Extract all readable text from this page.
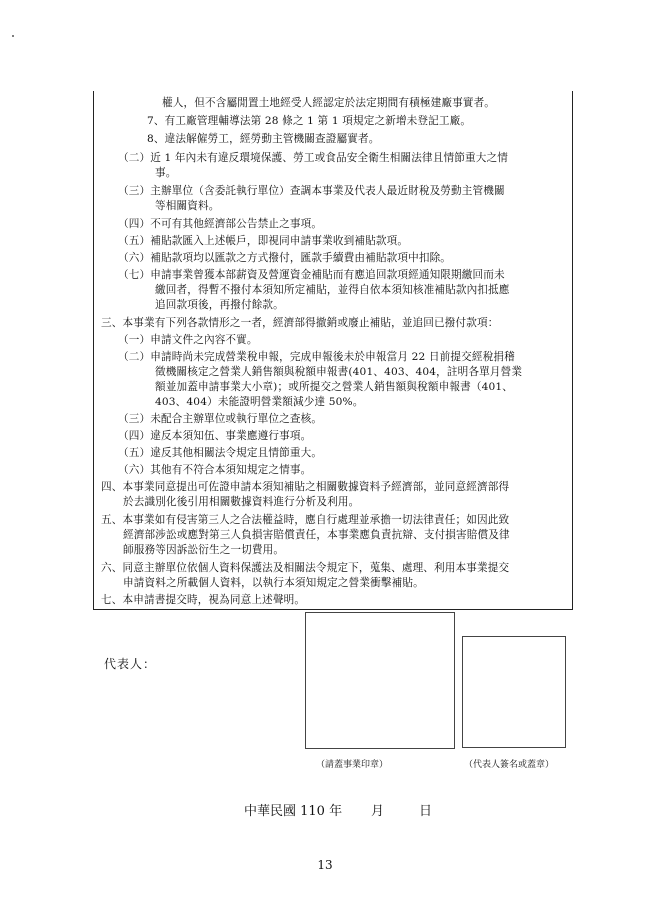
權人，但不含屬閒置土地經受人經認定於法定期間有積極建廠事實者。
7、有工廠管理輔導法第 28 條之 1 第 1 項規定之新增未登記工廠。
8、違法解僱勞工，經勞動主管機關查證屬實者。
（二）近 1 年內未有違反環境保護、勞工或食品安全衛生相關法律且情節重大之情
事。
（三）主辦單位（含委託執行單位）查調本事業及代表人最近財稅及勞動主管機關
等相關資料。
（四）不可有其他經濟部公告禁止之事項。
（五）補貼款匯入上述帳戶，即視同申請事業收到補貼款項。
（六）補貼款項均以匯款之方式撥付，匯款手續費由補貼款項中扣除。
（七）申請事業曾獲本部薪資及營運資金補貼而有應追回款項經通知限期繳回而未
繳回者，得暫不撥付本須知所定補貼，並得自依本須知核准補貼款內扣抵應
追回款項後，再撥付餘款。
三、本事業有下列各款情形之一者，經濟部得撤銷或廢止補貼，並追回已撥付款項：
（一）申請文件之內容不實。
（二）申請時尚未完成營業稅申報，完成申報後未於申報當月 22 日前提交經稅捐稽
徵機關核定之營業人銷售額與稅額申報書(401、403、404，註明各單月營業
額並加蓋申請事業大小章)；或所提交之營業人銷售額與稅額申報書（401、
403、404）未能證明營業額減少達 50%。
（三）未配合主辦單位或執行單位之查核。
（四）違反本須知伍、事業應遵行事項。
（五）違反其他相關法令規定且情節重大。
（六）其他有不符合本須知規定之情事。
四、本事業同意提出可佐證申請本須知補貼之相關數據資料予經濟部，並同意經濟部得
於去識別化後引用相關數據資料進行分析及利用。
五、本事業如有侵害第三人之合法權益時，應自行處理並承擔一切法律責任；如因此致
經濟部涉訟或應對第三人負損害賠償責任，本事業應負責抗辯、支付損害賠償及律
師服務等因訴訟衍生之一切費用。
六、同意主辦單位依個人資料保護法及相關法令規定下，蒐集、處理、利用本事業提交
申請資料之所載個人資料，以執行本須知規定之營業衝擊補貼。
七、本申請書提交時，視為同意上述聲明。
代表人：
（請蓋事業印章）	（代表人簽名或蓋章）
中華民國 110 年 月	日
13
